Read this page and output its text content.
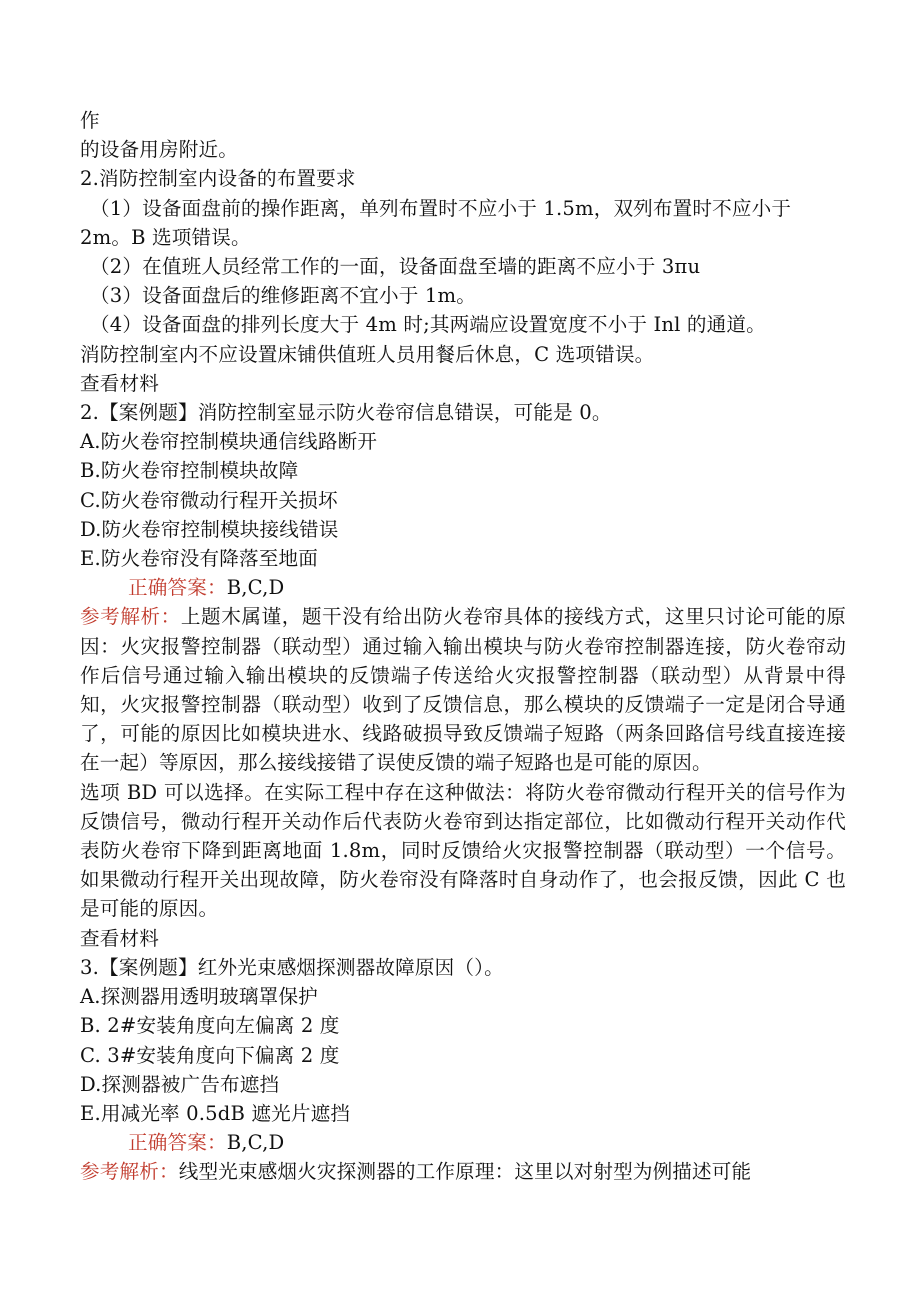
作

的设备用房附近。

2.消防控制室内设备的布置要求

（1）设备面盘前的操作距离，单列布置时不应小于 1.5m，双列布置时不应小于

2m。B 选项错误。

（2）在值班人员经常工作的一面，设备面盘至墙的距离不应小于 3πu

（3）设备面盘后的维修距离不宜小于 1m。

（4）设备面盘的排列长度大于 4m 时;其两端应设置宽度不小于 Inl 的通道。

消防控制室内不应设置床铺供值班人员用餐后休息，C 选项错误。

查看材料

2.【案例题】消防控制室显示防火卷帘信息错误，可能是 0。

A.防火卷帘控制模块通信线路断开

B.防火卷帘控制模块故障

C.防火卷帘微动行程开关损坏

D.防火卷帘控制模块接线错误

E.防火卷帘没有降落至地面

正确答案：B,C,D

参考解析：上题木属谨，题干没有给出防火卷帘具体的接线方式，这里只讨论可能的原因：火灾报警控制器（联动型）通过输入输出模块与防火卷帘控制器连接，防火卷帘动作后信号通过输入输出模块的反馈端子传送给火灾报警控制器（联动型）从背景中得知，火灾报警控制器（联动型）收到了反馈信息，那么模块的反馈端子一定是闭合导通了，可能的原因比如模块进水、线路破损导致反馈端子短路（两条回路信号线直接连接在一起）等原因，那么接线接错了误使反馈的端子短路也是可能的原因。

选项 BD 可以选择。在实际工程中存在这种做法：将防火卷帘微动行程开关的信号作为反馈信号，微动行程开关动作后代表防火卷帘到达指定部位，比如微动行程开关动作代表防火卷帘下降到距离地面 1.8m，同时反馈给火灾报警控制器（联动型）一个信号。如果微动行程开关出现故障，防火卷帘没有降落时自身动作了，也会报反馈，因此 C 也是可能的原因。

查看材料

3.【案例题】红外光束感烟探测器故障原因（）。

A.探测器用透明玻璃罩保护

B. 2#安装角度向左偏离 2 度

C. 3#安装角度向下偏离 2 度

D.探测器被广告布遮挡

E.用减光率 0.5dB 遮光片遮挡

正确答案：B,C,D

参考解析：线型光束感烟火灾探测器的工作原理：这里以对射型为例描述可能
